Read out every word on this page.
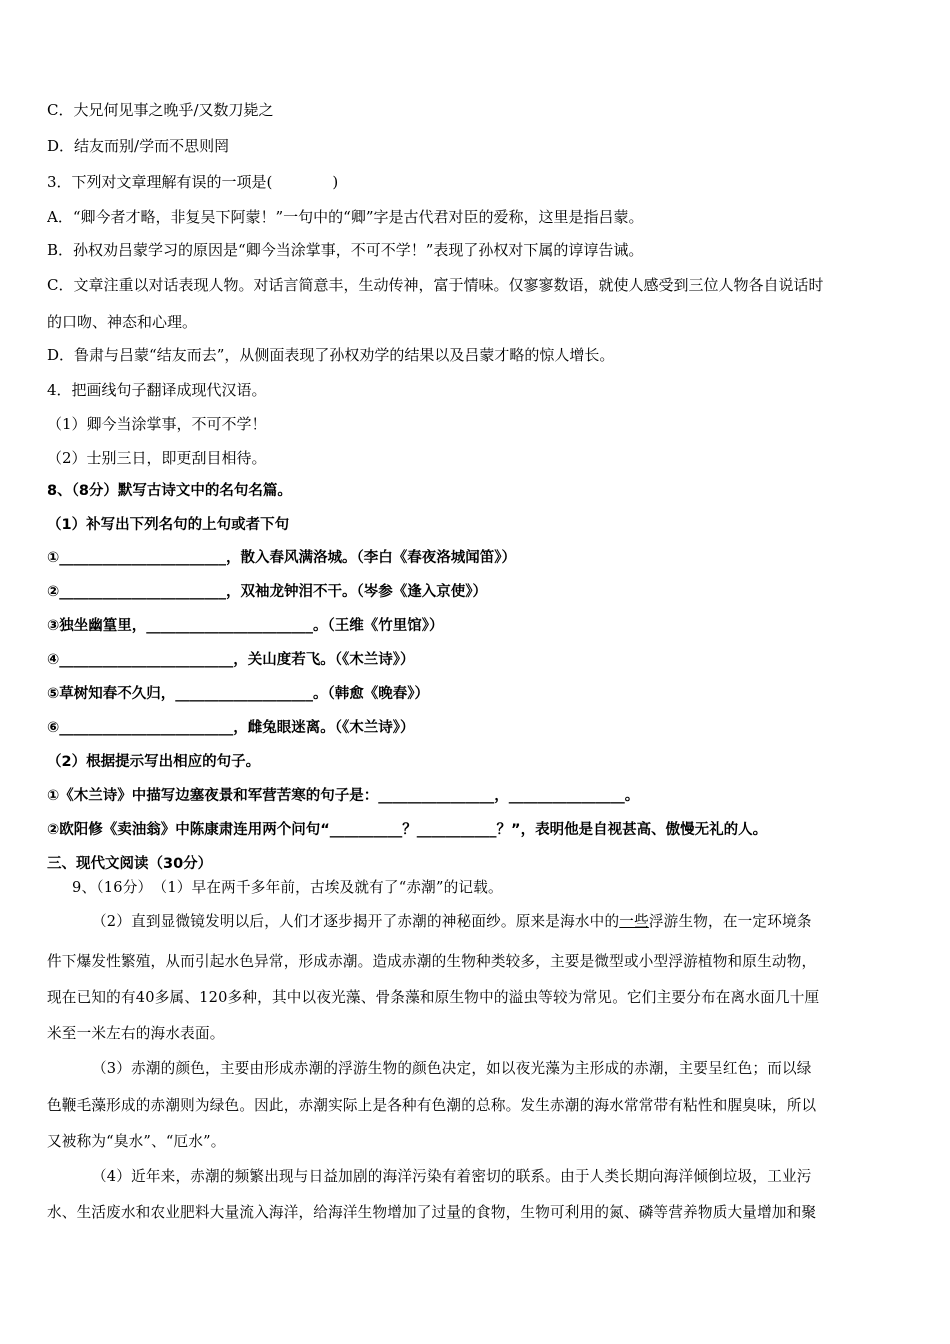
C．大兄何见事之晚乎/又数刀毙之
D．结友而别/学而不思则罔
3．下列对文章理解有误的一项是(　　　　)
A．“卿今者才略，非复吴下阿蒙！”一句中的“卿”字是古代君对臣的爱称，这里是指吕蒙。
B．孙权劝吕蒙学习的原因是“卿今当涂掌事，不可不学！”表现了孙权对下属的谆谆告诫。
C．文章注重以对话表现人物。对话言简意丰，生动传神，富于情味。仅寥寥数语，就使人感受到三位人物各自说话时
的口吻、神态和心理。
D．鲁肃与吕蒙“结友而去”，从侧面表现了孙权劝学的结果以及吕蒙才略的惊人增长。
4．把画线句子翻译成现代汉语。
（1）卿今当涂掌事，不可不学！
（2）士别三日，即更刮目相待。
8、（8分）默写古诗文中的名句名篇。
（1）补写出下列名句的上句或者下句
①_______________________，散入春风满洛城。（李白《春夜洛城闻笛》）
②_______________________，双袖龙钟泪不干。（岑参《逢入京使》）
③独坐幽篁里，_______________________。（王维《竹里馆》）
④________________________，关山度若飞。（《木兰诗》）
⑤草树知春不久归，___________________。（韩愈《晚春》）
⑥________________________，雌兔眼迷离。（《木兰诗》）
（2）根据提示写出相应的句子。
①《木兰诗》中描写边塞夜景和军营苦寒的句子是：________________，________________。
②欧阳修《卖油翁》中陈康肃连用两个问句“__________？___________？”，表明他是自视甚高、傲慢无礼的人。
三、现代文阅读（30分）
9、（16分）　（1）早在两千多年前，古埃及就有了“赤潮”的记载。
（2）直到显微镜发明以后，人们才逐步揭开了赤潮的神秘面纱。原来是海水中的一些浮游生物，在一定环境条
件下爆发性繁殖，从而引起水色异常，形成赤潮。造成赤潮的生物种类较多，主要是微型或小型浮游植物和原生动物，
现在已知的有40多属、120多种，其中以夜光藻、骨条藻和原生物中的溢虫等较为常见。它们主要分布在离水面几十厘
米至一米左右的海水表面。
（3）赤潮的颜色，主要由形成赤潮的浮游生物的颜色决定，如以夜光藻为主形成的赤潮，主要呈红色；而以绿
色鞭毛藻形成的赤潮则为绿色。因此，赤潮实际上是各种有色潮的总称。发生赤潮的海水常常带有粘性和腥臭味，所以
又被称为“臭水”、“厄水”。
（4）近年来，赤潮的频繁出现与日益加剧的海洋污染有着密切的联系。由于人类长期向海洋倾倒垃圾，工业污
水、生活废水和农业肥料大量流入海洋，给海洋生物增加了过量的食物，生物可利用的氮、磷等营养物质大量增加和聚
